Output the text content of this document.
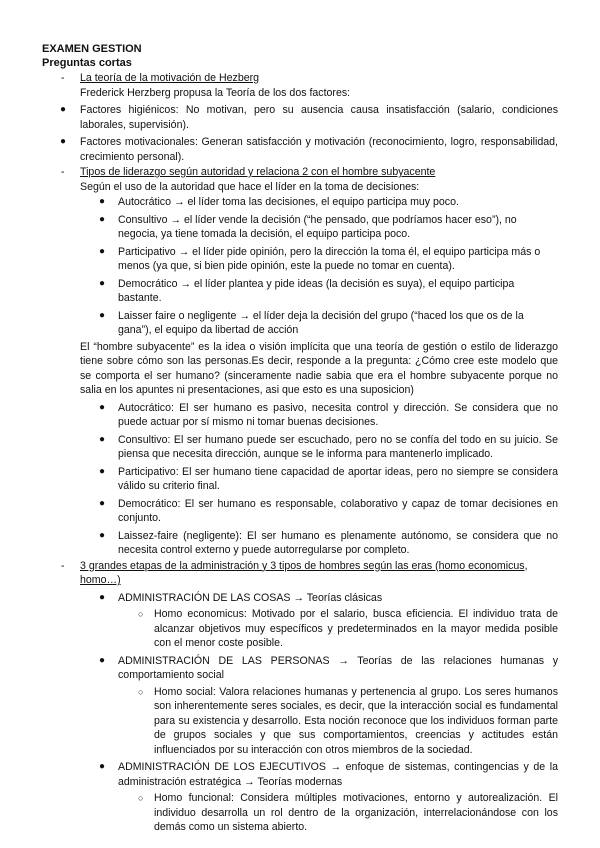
EXAMEN GESTION

Preguntas cortas

- La teoría de la motivación de Hezberg

Frederick Herzberg propusa la Teoría de los dos factores:

● Factores higiénicos: No motivan, pero su ausencia causa insatisfacción (salario, condiciones laborales, supervisión).
● Factores motivacionales: Generan satisfacción y motivación (reconocimiento, logro, responsabilidad, crecimiento personal).
- Tipos de liderazgo según autoridad y relaciona 2 con el hombre subyacente

Según el uso de la autoridad que hace el líder en la toma de decisiones:

● Autocrático → el líder toma las decisiones, el equipo participa muy poco.
● Consultivo → el líder vende la decisión (“he pensado, que podríamos hacer eso”), no negocia, ya tiene tomada la decisión, el equipo participa poco.
● Participativo → el líder pide opinión, pero la dirección la toma él, el equipo participa más o menos (ya que, si bien pide opinión, este la puede no tomar en cuenta).
● Democrático → el líder plantea y pide ideas (la decisión es suya), el equipo participa bastante.
● Laisser faire o negligente → el líder deja la decisión del grupo (“haced los que os de la gana”), el equipo da libertad de acción

El “hombre subyacente” es la idea o visión implícita que una teoría de gestión o estilo de liderazgo tiene sobre cómo son las personas.Es decir, responde a la pregunta: ¿Cómo cree este modelo que se comporta el ser humano? (sinceramente nadie sabia que era el hombre subyacente porque no salia en los apuntes ni presentaciones, asi que esto es una suposicion)

● Autocrático: El ser humano es pasivo, necesita control y dirección. Se considera que no puede actuar por sí mismo ni tomar buenas decisiones.
● Consultivo: El ser humano puede ser escuchado, pero no se confía del todo en su juicio. Se piensa que necesita dirección, aunque se le informa para mantenerlo implicado.
● Participativo: El ser humano tiene capacidad de aportar ideas, pero no siempre se considera válido su criterio final.
● Democrático: El ser humano es responsable, colaborativo y capaz de tomar decisiones en conjunto.
● Laissez-faire (negligente): El ser humano es plenamente autónomo, se considera que no necesita control externo y puede autorregularse por completo.
- 3 grandes etapas de la administración y 3 tipos de hombres según las eras (homo economicus, homo…)
● ADMINISTRACIÓN DE LAS COSAS → Teorías clásicas
○ Homo economicus: Motivado por el salario, busca eficiencia. El individuo trata de alcanzar objetivos muy específicos y predeterminados en la mayor medida posible con el menor coste posible.
● ADMINISTRACIÓN DE LAS PERSONAS → Teorías de las relaciones humanas y comportamiento social
○ Homo social: Valora relaciones humanas y pertenencia al grupo. Los seres humanos son inherentemente seres sociales, es decir, que la interacción social es fundamental para su existencia y desarrollo. Esta noción reconoce que los individuos forman parte de grupos sociales y que sus comportamientos, creencias y actitudes están influenciados por su interacción con otros miembros de la sociedad.
● ADMINISTRACIÓN DE LOS EJECUTIVOS → enfoque de sistemas, contingencias y de la administración estratégica → Teorías modernas
○ Homo funcional: Considera múltiples motivaciones, entorno y autorealización. El individuo desarrolla un rol dentro de la organización, interrelacionándose con los demás como un sistema abierto.
